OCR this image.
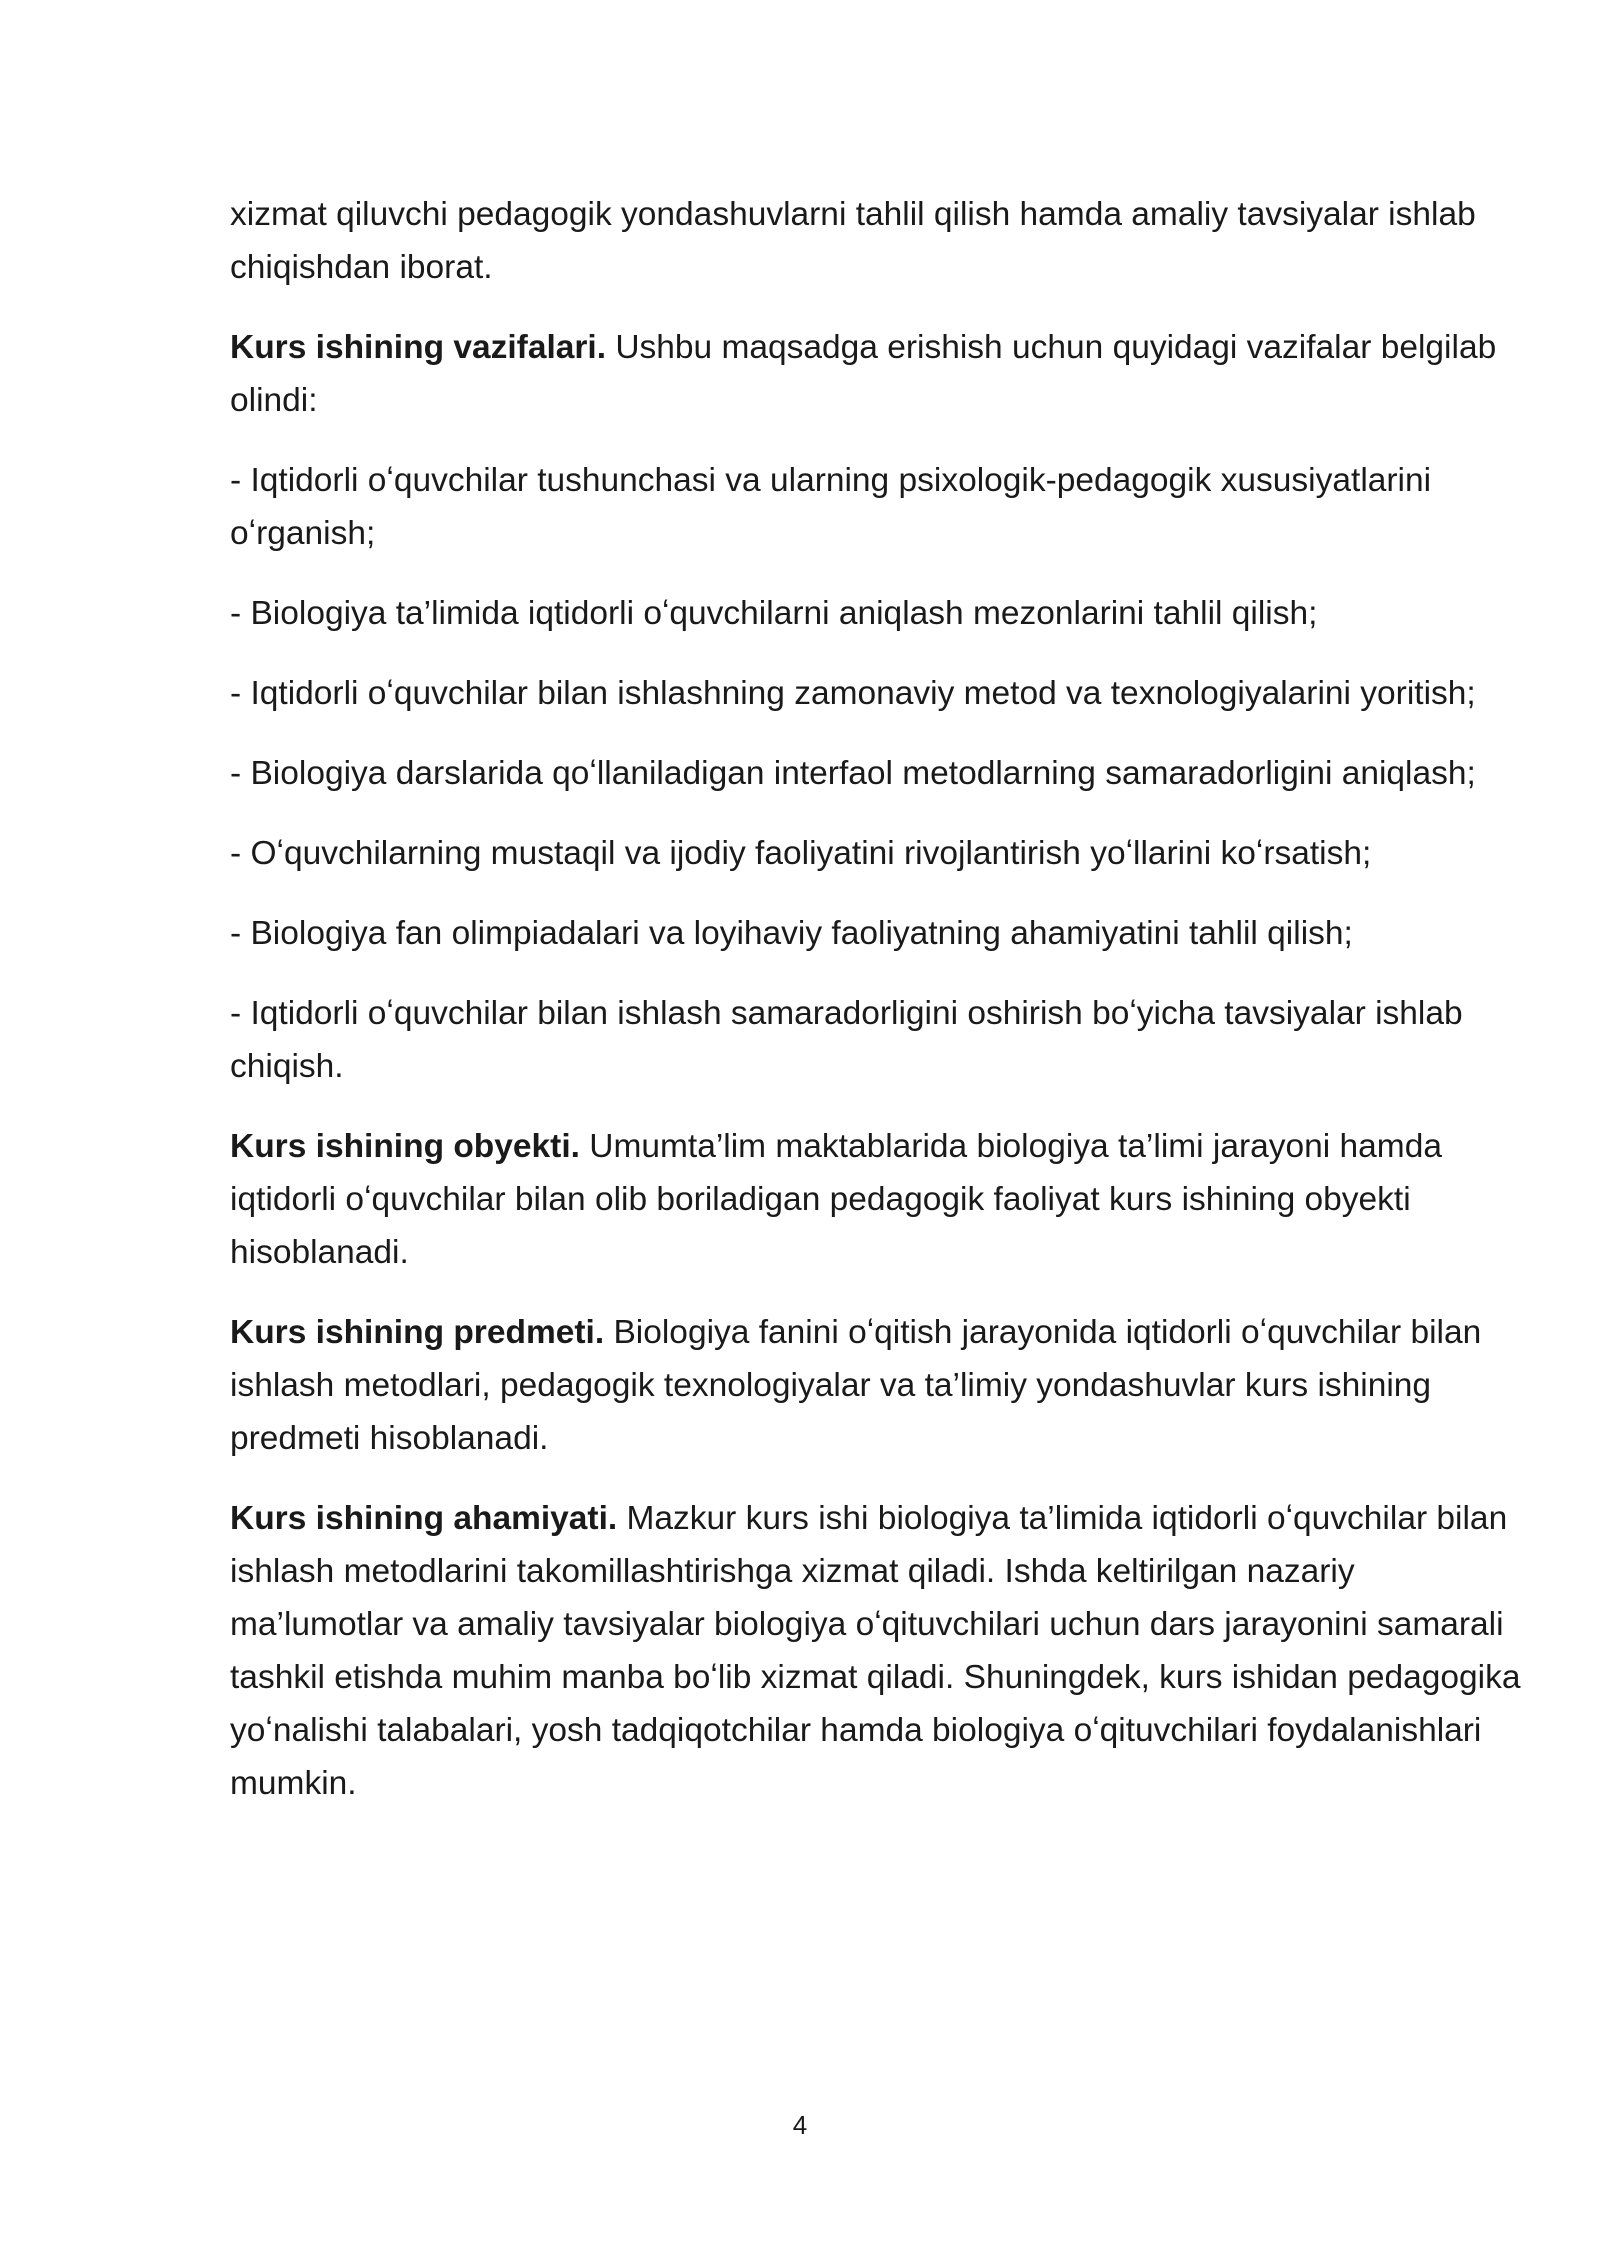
xizmat qiluvchi pedagogik yondashuvlarni tahlil qilish hamda amaliy tavsiyalar ishlab chiqishdan iborat.

Kurs ishining vazifalari. Ushbu maqsadga erishish uchun quyidagi vazifalar belgilab olindi:

- Iqtidorli oʻquvchilar tushunchasi va ularning psixologik-pedagogik xususiyatlarini oʻrganish;

- Biologiya ta’limida iqtidorli oʻquvchilarni aniqlash mezonlarini tahlil qilish;

- Iqtidorli oʻquvchilar bilan ishlashning zamonaviy metod va texnologiyalarini yoritish;

- Biologiya darslarida qoʻllaniladigan interfaol metodlarning samaradorligini aniqlash;

- Oʻquvchilarning mustaqil va ijodiy faoliyatini rivojlantirish yoʻllarini koʻrsatish;

- Biologiya fan olimpiadalari va loyihaviy faoliyatning ahamiyatini tahlil qilish;

- Iqtidorli oʻquvchilar bilan ishlash samaradorligini oshirish boʻyicha tavsiyalar ishlab chiqish.

Kurs ishining obyekti. Umumta’lim maktablarida biologiya ta’limi jarayoni hamda iqtidorli oʻquvchilar bilan olib boriladigan pedagogik faoliyat kurs ishining obyekti hisoblanadi.

Kurs ishining predmeti. Biologiya fanini oʻqitish jarayonida iqtidorli oʻquvchilar bilan ishlash metodlari, pedagogik texnologiyalar va ta’limiy yondashuvlar kurs ishining predmeti hisoblanadi.

Kurs ishining ahamiyati. Mazkur kurs ishi biologiya ta’limida iqtidorli oʻquvchilar bilan ishlash metodlarini takomillashtirishga xizmat qiladi. Ishda keltirilgan nazariy ma’lumotlar va amaliy tavsiyalar biologiya oʻqituvchilari uchun dars jarayonini samarali tashkil etishda muhim manba boʻlib xizmat qiladi. Shuningdek, kurs ishidan pedagogika yoʻnalishi talabalari, yosh tadqiqotchilar hamda biologiya oʻqituvchilari foydalanishlari mumkin.

4
